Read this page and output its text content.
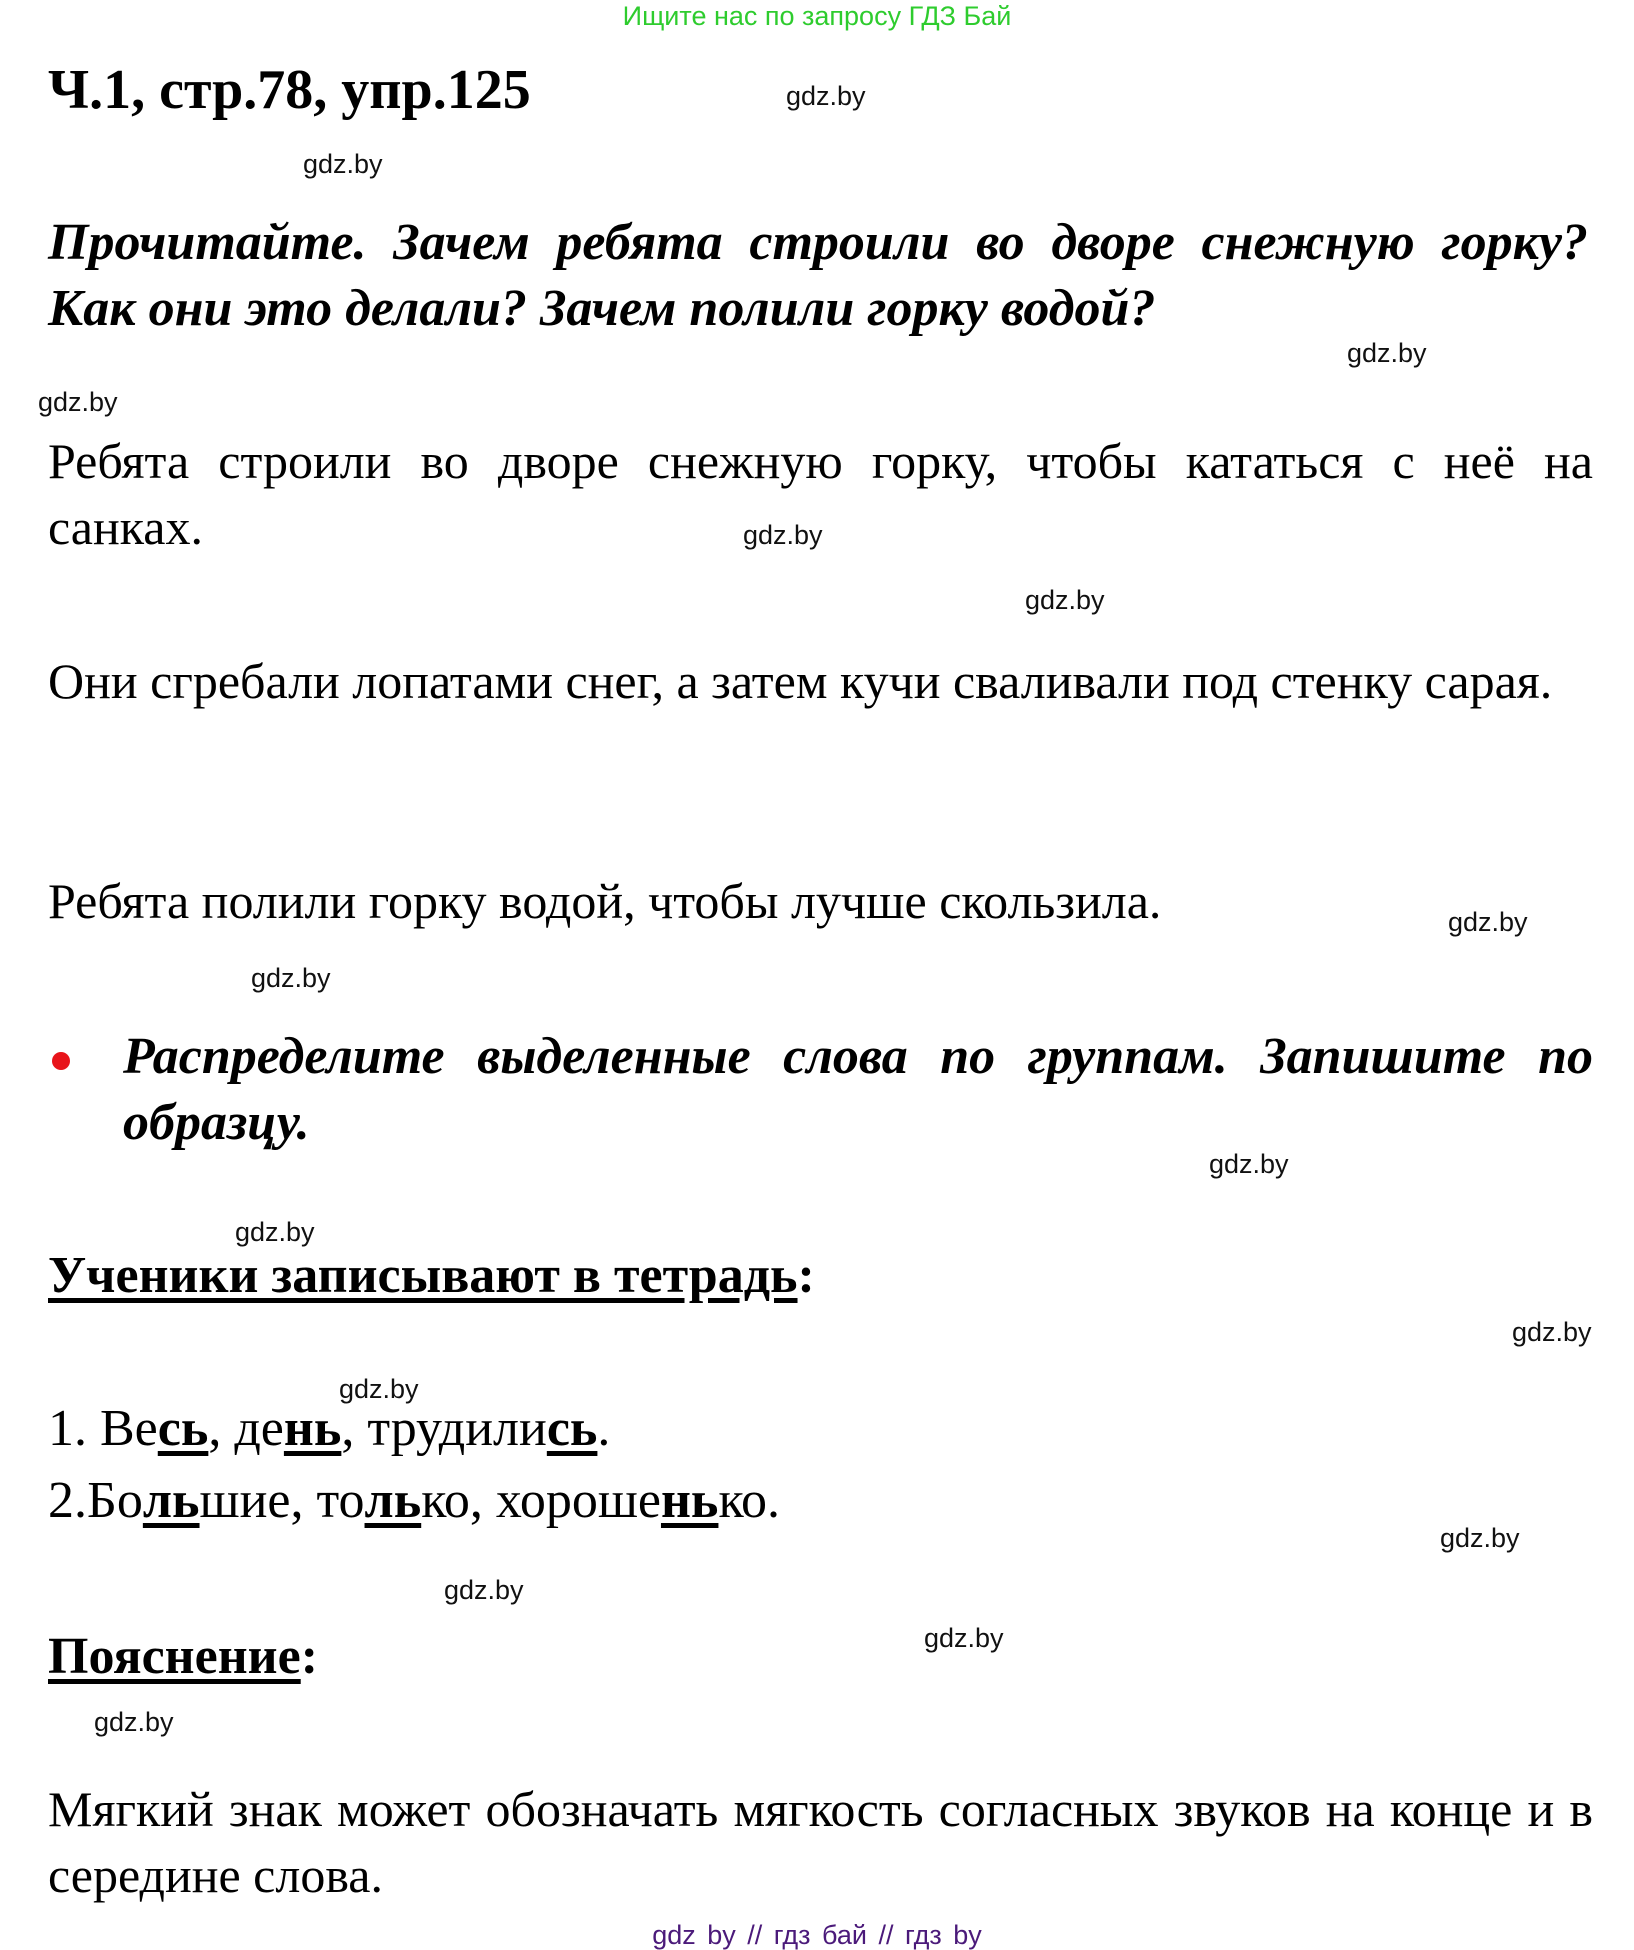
Ищите нас по запросу ГДЗ Бай
Ч.1, стр.78, упр.125	gdz.by
gdz.by
gdz.by
gdz.by
gdz.by
gdz.by
gdz.by
gdz.by
gdz.by
gdz.by
gdz.by
gdz.by
gdz.by
gdz.by
gdz.by
gdz.by
Прочитайте. Зачем ребята строили во дворе снежную горку? Как они это делали? Зачем полили горку водой?
Ребята строили во дворе снежную горку, чтобы кататься с неё на санках.
Они сгребали лопатами снег, а затем кучи сваливали под стенку сарая.
Ребята полили горку водой, чтобы лучше скользила.
Распределите выделенные слова по группам. Запишите по образцу.
Ученики записывают в тетрадь:
1. Весь, день, трудились.
2.Большие, только, хорошенько.
Пояснение:
Мягкий знак может обозначать мягкость согласных звуков на конце и в середине слова.
gdz by // гдз бай // гдз by
